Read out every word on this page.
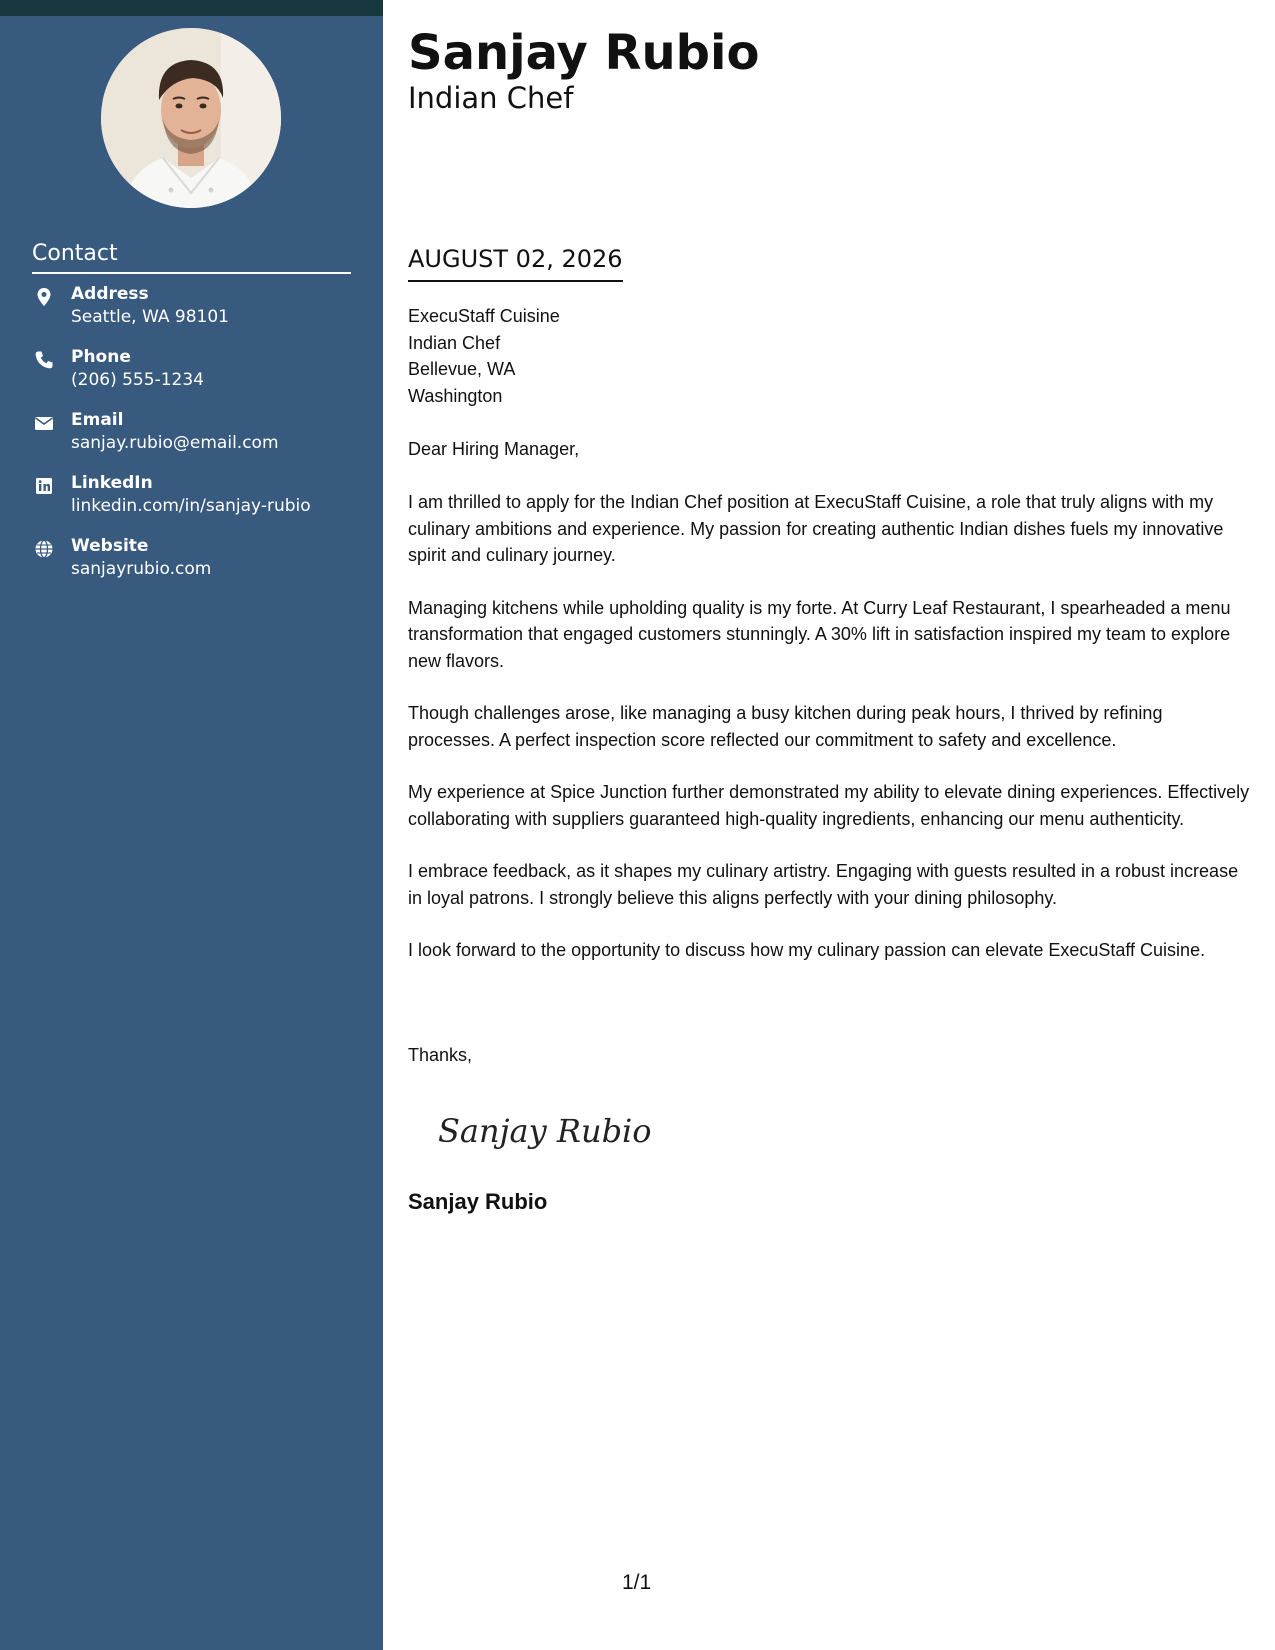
Contact
Address
Seattle, WA 98101
Phone
(206) 555-1234
Email
sanjay.rubio@email.com
LinkedIn
linkedin.com/in/sanjay-rubio
Website
sanjayrubio.com
Sanjay Rubio
Indian Chef
AUGUST 02, 2026
ExecuStaff Cuisine
Indian Chef
Bellevue, WA
Washington
Dear Hiring Manager,

I am thrilled to apply for the Indian Chef position at ExecuStaff Cuisine, a role that truly aligns with my culinary ambitions and experience. My passion for creating authentic Indian dishes fuels my innovative spirit and culinary journey.

Managing kitchens while upholding quality is my forte. At Curry Leaf Restaurant, I spearheaded a menu transformation that engaged customers stunningly. A 30% lift in satisfaction inspired my team to explore new flavors.

Though challenges arose, like managing a busy kitchen during peak hours, I thrived by refining processes. A perfect inspection score reflected our commitment to safety and excellence.

My experience at Spice Junction further demonstrated my ability to elevate dining experiences. Effectively collaborating with suppliers guaranteed high-quality ingredients, enhancing our menu authenticity.

I embrace feedback, as it shapes my culinary artistry. Engaging with guests resulted in a robust increase in loyal patrons. I strongly believe this aligns perfectly with your dining philosophy.

I look forward to the opportunity to discuss how my culinary passion can elevate ExecuStaff Cuisine.

Thanks,
Sanjay Rubio
Sanjay Rubio
1/1
